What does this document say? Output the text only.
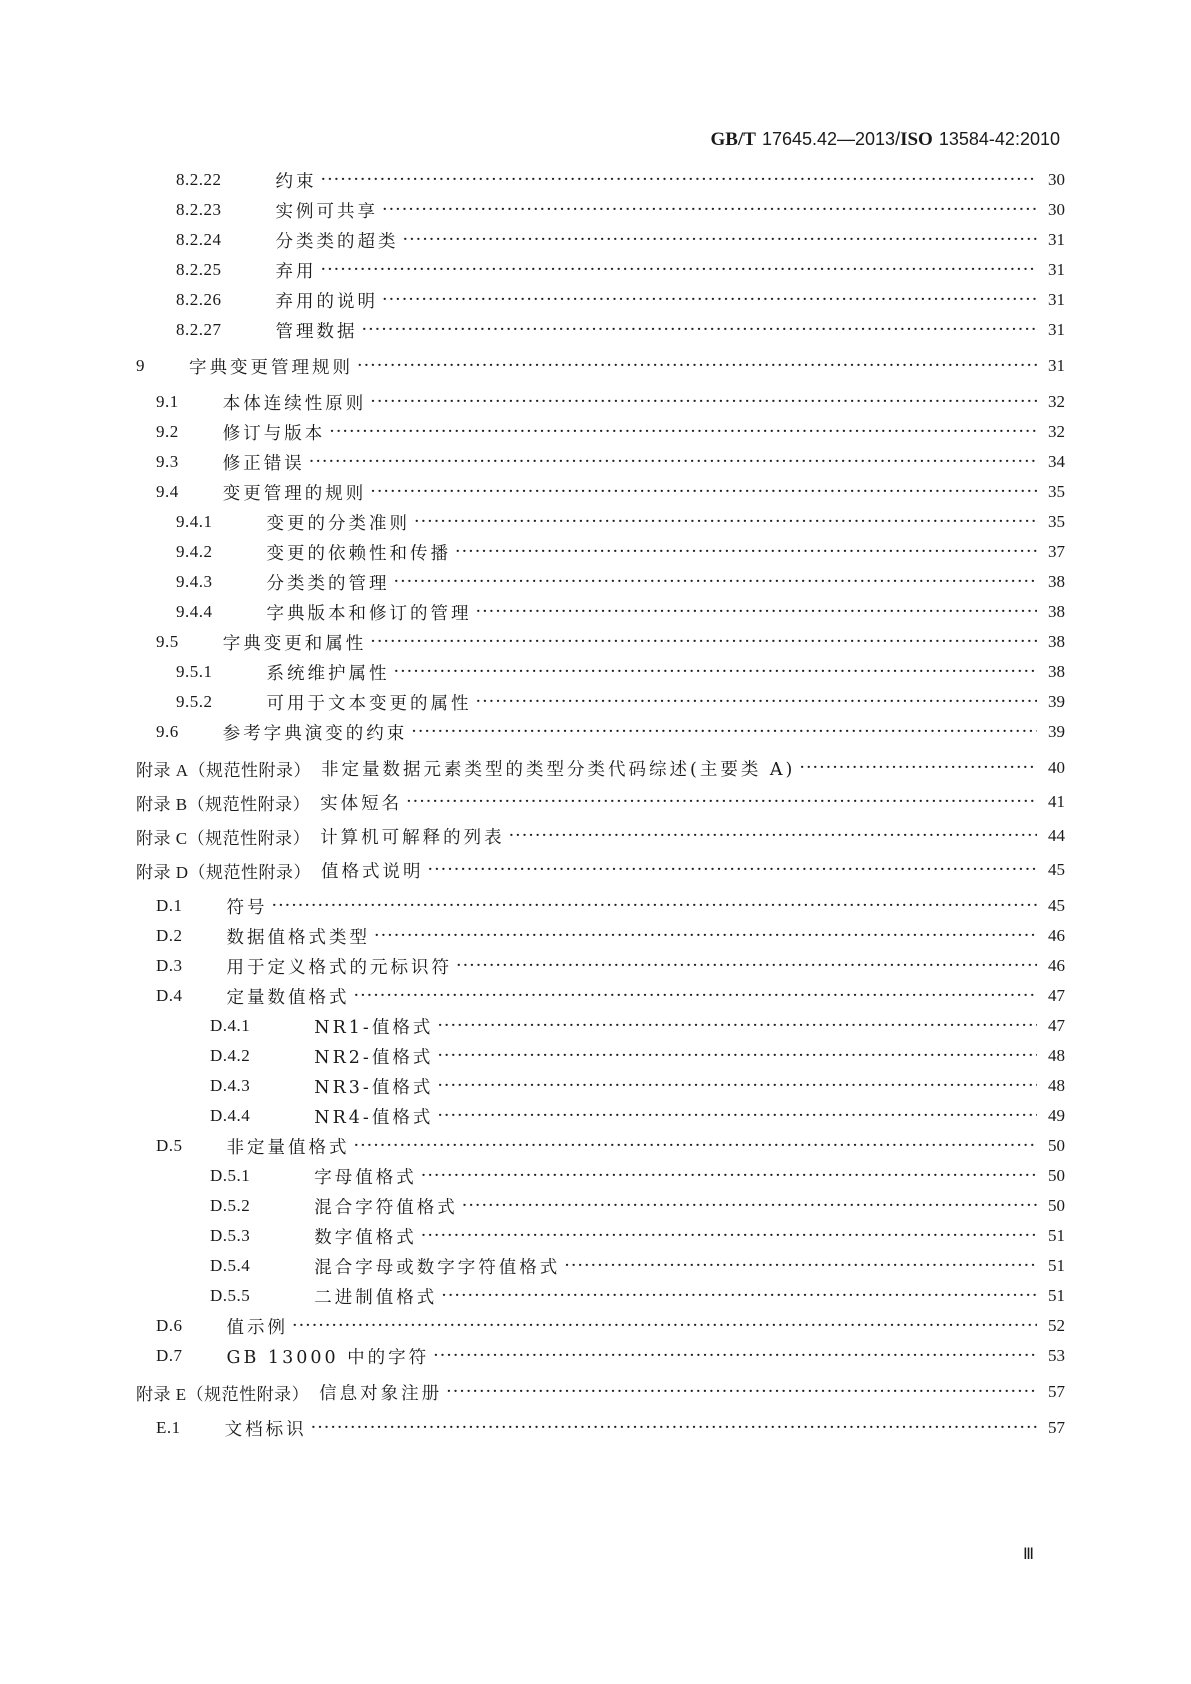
GB/T 17645.42—2013/ISO 13584-42:2010
8.2.22	约束 ·····	30
8.2.23	实例可共享 ·····	30
8.2.24	分类类的超类 ·····	31
8.2.25	弃用 ·····	31
8.2.26	弃用的说明 ·····	31
8.2.27	管理数据 ·····	31
9	字典变更管理规则 ·····	31
9.1	本体连续性原则 ·····	32
9.2	修订与版本 ·····	32
9.3	修正错误 ·····	34
9.4	变更管理的规则 ·····	35
9.4.1	变更的分类准则 ·····	35
9.4.2	变更的依赖性和传播 ·····	37
9.4.3	分类类的管理 ·····	38
9.4.4	字典版本和修订的管理 ·····	38
9.5	字典变更和属性 ·····	38
9.5.1	系统维护属性 ·····	38
9.5.2	可用于文本变更的属性 ·····	39
9.6	参考字典演变的约束 ·····	39
附录 A（规范性附录） 非定量数据元素类型的类型分类代码综述(主要类 A) ·····	40
附录 B（规范性附录） 实体短名 ·····	41
附录 C（规范性附录） 计算机可解释的列表 ·····	44
附录 D（规范性附录） 值格式说明 ·····	45
D.1	符号 ·····	45
D.2	数据值格式类型 ·····	46
D.3	用于定义格式的元标识符 ·····	46
D.4	定量数值格式 ·····	47
D.4.1	NR1-值格式 ·····	47
D.4.2	NR2-值格式 ·····	48
D.4.3	NR3-值格式 ·····	48
D.4.4	NR4-值格式 ·····	49
D.5	非定量值格式 ·····	50
D.5.1	字母值格式 ·····	50
D.5.2	混合字符值格式 ·····	50
D.5.3	数字值格式 ·····	51
D.5.4	混合字母或数字字符值格式 ·····	51
D.5.5	二进制值格式 ·····	51
D.6	值示例 ·····	52
D.7	GB 13000 中的字符 ·····	53
附录 E（规范性附录） 信息对象注册 ·····	57
E.1	文档标识 ·····	57
Ⅲ
